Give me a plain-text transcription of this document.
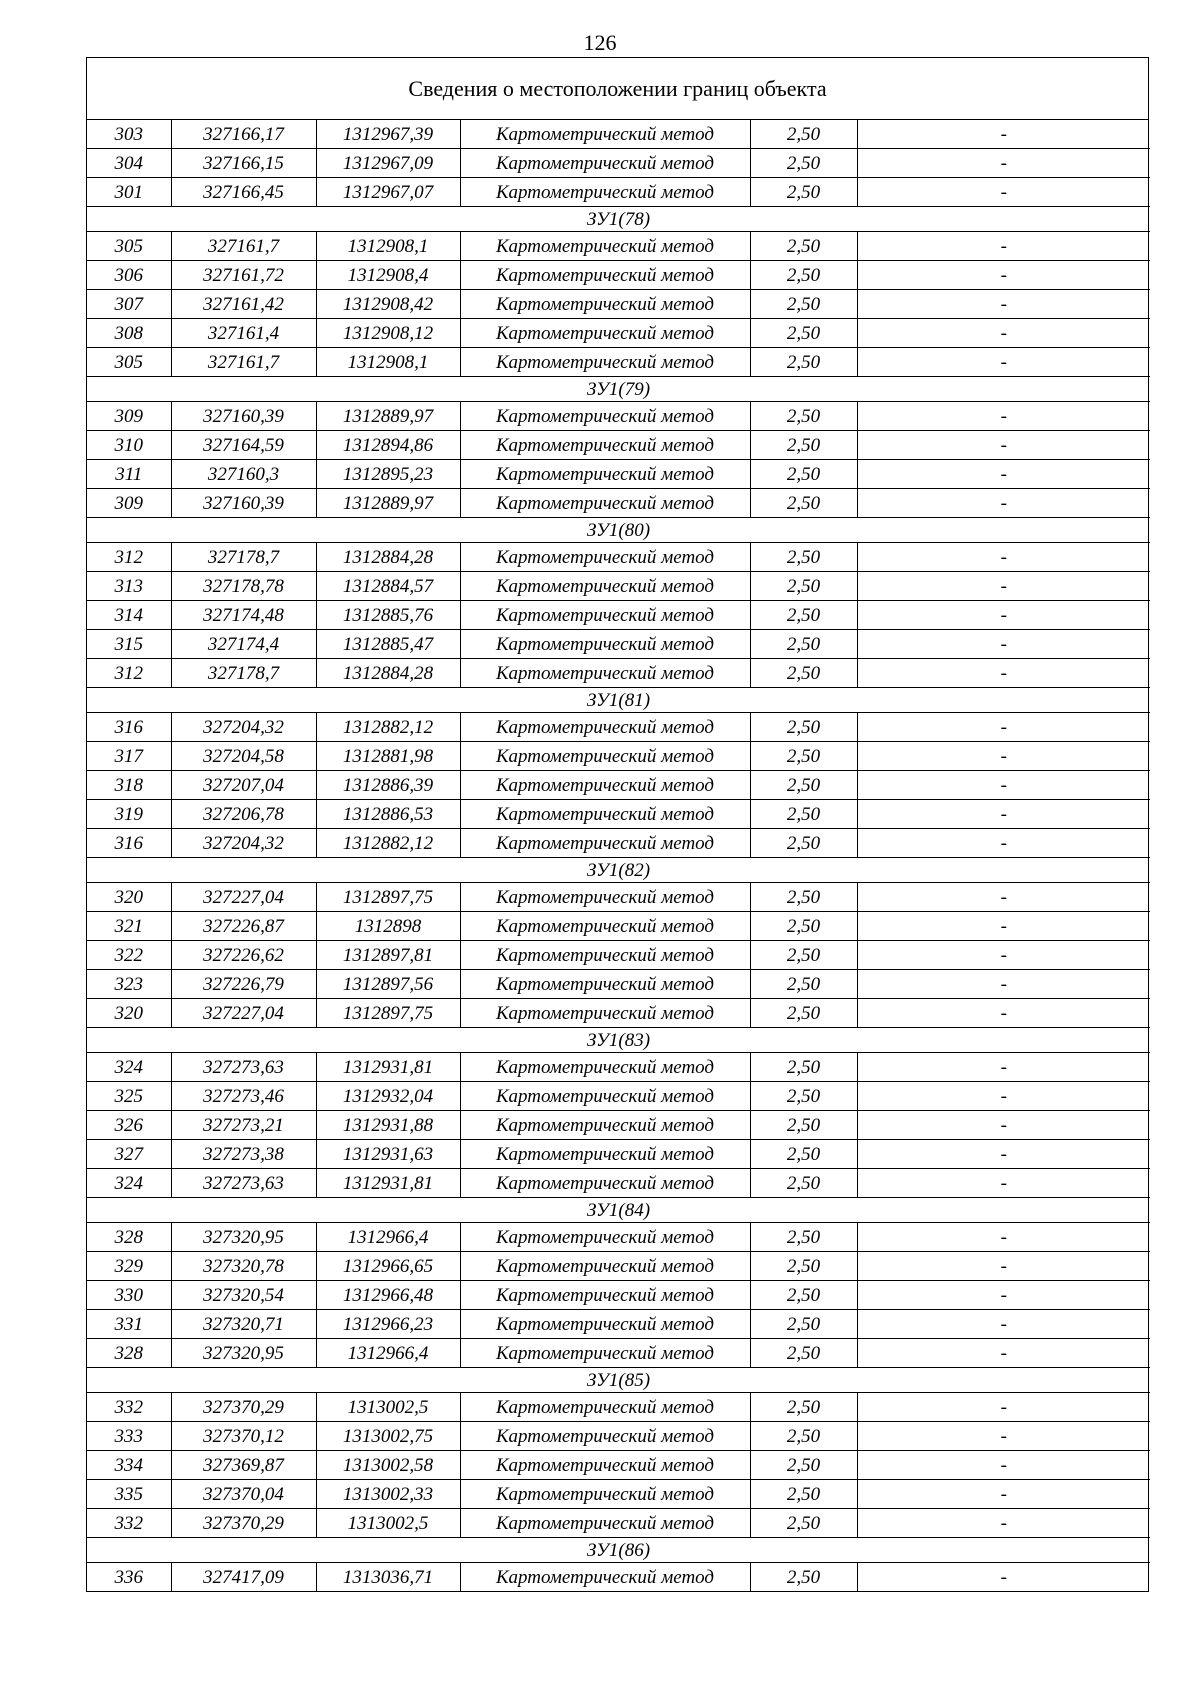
126
Сведения о местоположении границ объекта
303	327166,17	1312967,39	Картометрический метод	2,50	-
304	327166,15	1312967,09	Картометрический метод	2,50	-
301	327166,45	1312967,07	Картометрический метод	2,50	-
ЗУ1(78)					
305	327161,7	1312908,1	Картометрический метод	2,50	-
306	327161,72	1312908,4	Картометрический метод	2,50	-
307	327161,42	1312908,42	Картометрический метод	2,50	-
308	327161,4	1312908,12	Картометрический метод	2,50	-
305	327161,7	1312908,1	Картометрический метод	2,50	-
ЗУ1(79)					
309	327160,39	1312889,97	Картометрический метод	2,50	-
310	327164,59	1312894,86	Картометрический метод	2,50	-
311	327160,3	1312895,23	Картометрический метод	2,50	-
309	327160,39	1312889,97	Картометрический метод	2,50	-
ЗУ1(80)					
312	327178,7	1312884,28	Картометрический метод	2,50	-
313	327178,78	1312884,57	Картометрический метод	2,50	-
314	327174,48	1312885,76	Картометрический метод	2,50	-
315	327174,4	1312885,47	Картометрический метод	2,50	-
312	327178,7	1312884,28	Картометрический метод	2,50	-
ЗУ1(81)					
316	327204,32	1312882,12	Картометрический метод	2,50	-
317	327204,58	1312881,98	Картометрический метод	2,50	-
318	327207,04	1312886,39	Картометрический метод	2,50	-
319	327206,78	1312886,53	Картометрический метод	2,50	-
316	327204,32	1312882,12	Картометрический метод	2,50	-
ЗУ1(82)					
320	327227,04	1312897,75	Картометрический метод	2,50	-
321	327226,87	1312898	Картометрический метод	2,50	-
322	327226,62	1312897,81	Картометрический метод	2,50	-
323	327226,79	1312897,56	Картометрический метод	2,50	-
320	327227,04	1312897,75	Картометрический метод	2,50	-
ЗУ1(83)					
324	327273,63	1312931,81	Картометрический метод	2,50	-
325	327273,46	1312932,04	Картометрический метод	2,50	-
326	327273,21	1312931,88	Картометрический метод	2,50	-
327	327273,38	1312931,63	Картометрический метод	2,50	-
324	327273,63	1312931,81	Картометрический метод	2,50	-
ЗУ1(84)					
328	327320,95	1312966,4	Картометрический метод	2,50	-
329	327320,78	1312966,65	Картометрический метод	2,50	-
330	327320,54	1312966,48	Картометрический метод	2,50	-
331	327320,71	1312966,23	Картометрический метод	2,50	-
328	327320,95	1312966,4	Картометрический метод	2,50	-
ЗУ1(85)					
332	327370,29	1313002,5	Картометрический метод	2,50	-
333	327370,12	1313002,75	Картометрический метод	2,50	-
334	327369,87	1313002,58	Картометрический метод	2,50	-
335	327370,04	1313002,33	Картометрический метод	2,50	-
332	327370,29	1313002,5	Картометрический метод	2,50	-
ЗУ1(86)					
336	327417,09	1313036,71	Картометрический метод	2,50	-
